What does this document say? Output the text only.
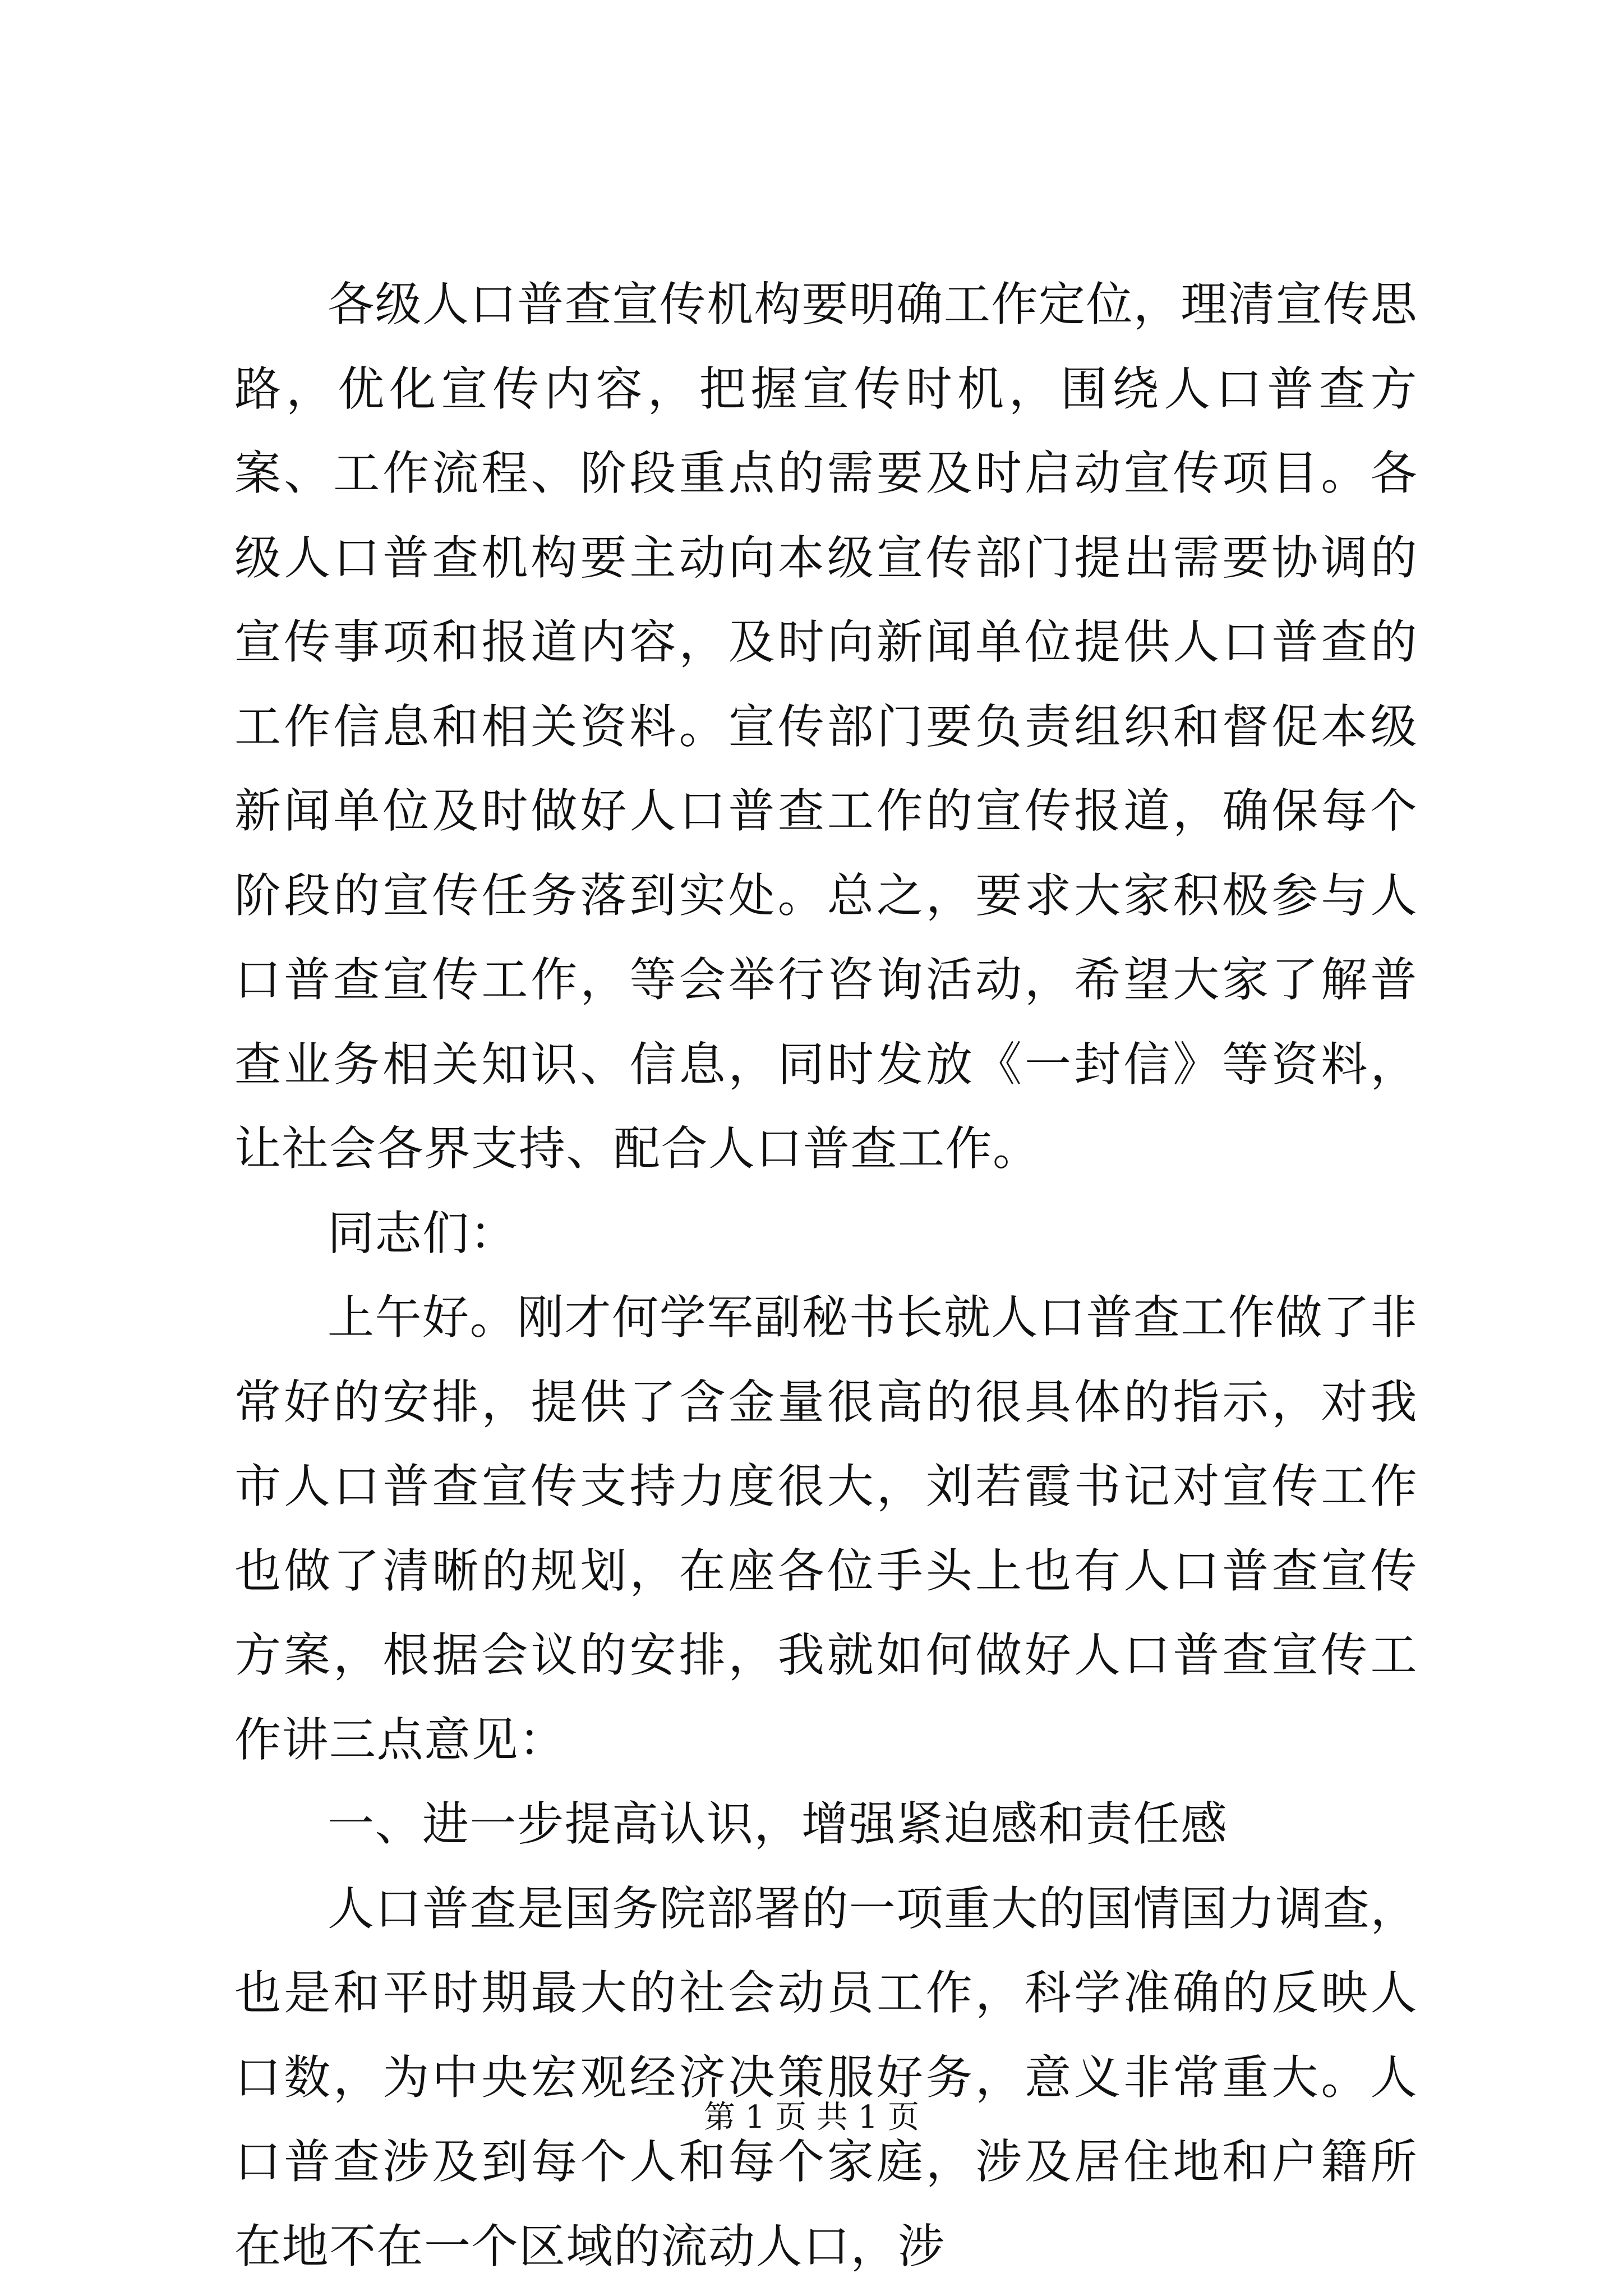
各级人口普查宣传机构要明确工作定位，理清宣传思路，优化宣传内容，把握宣传时机，围绕人口普查方案、工作流程、阶段重点的需要及时启动宣传项目。各级人口普查机构要主动向本级宣传部门提出需要协调的宣传事项和报道内容，及时向新闻单位提供人口普查的工作信息和相关资料。宣传部门要负责组织和督促本级新闻单位及时做好人口普查工作的宣传报道，确保每个阶段的宣传任务落到实处。总之，要求大家积极参与人口普查宣传工作，等会举行咨询活动，希望大家了解普查业务相关知识、信息，同时发放《一封信》等资料，让社会各界支持、配合人口普查工作。

同志们：

上午好。刚才何学军副秘书长就人口普查工作做了非常好的安排，提供了含金量很高的很具体的指示，对我市人口普查宣传支持力度很大，刘若霞书记对宣传工作也做了清晰的规划，在座各位手头上也有人口普查宣传方案，根据会议的安排，我就如何做好人口普查宣传工作讲三点意见：

一、进一步提高认识，增强紧迫感和责任感

人口普查是国务院部署的一项重大的国情国力调查，也是和平时期最大的社会动员工作，科学准确的反映人口数，为中央宏观经济决策服好务，意义非常重大。人口普查涉及到每个人和每个家庭，涉及居住地和户籍所在地不在一个区域的流动人口，涉

第 1 页 共 1 页
